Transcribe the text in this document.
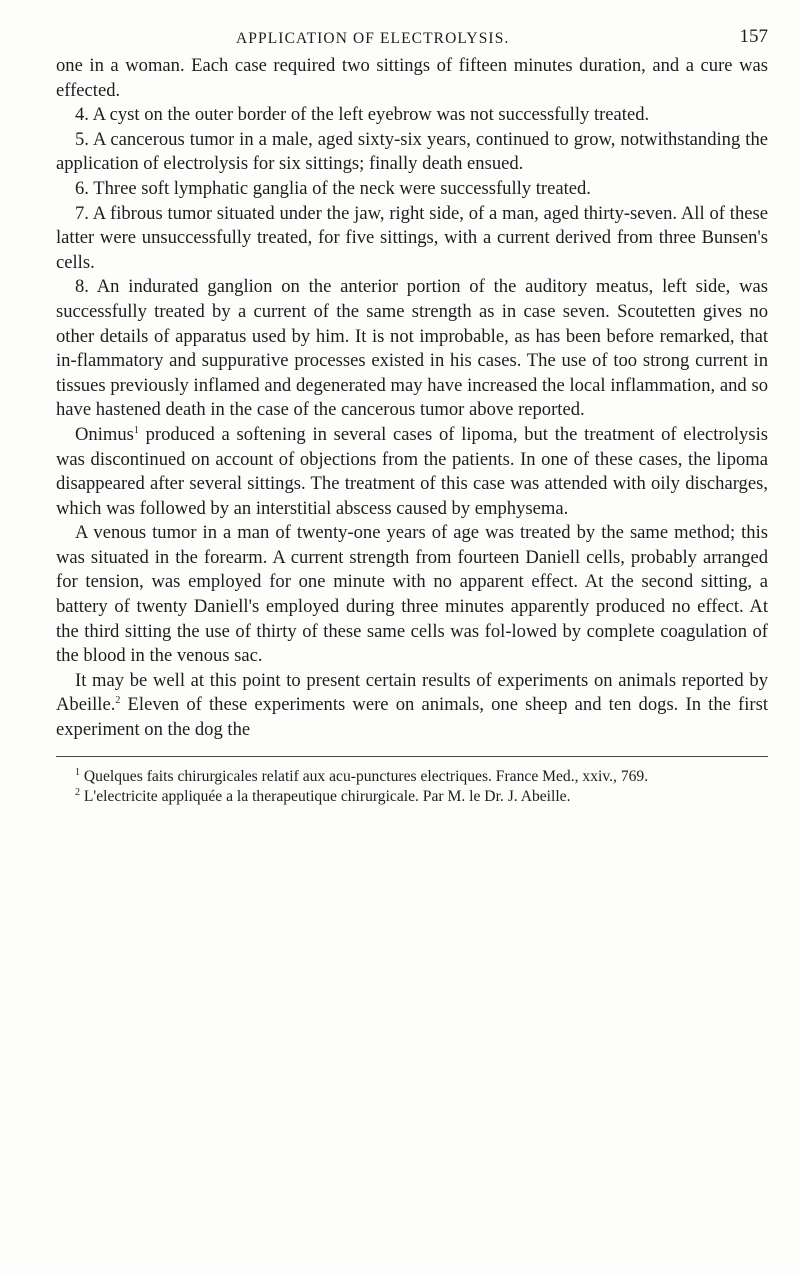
APPLICATION OF ELECTROLYSIS.	157

one in a woman. Each case required two sittings of fifteen minutes duration, and a cure was effected.

4. A cyst on the outer border of the left eyebrow was not successfully treated.

5. A cancerous tumor in a male, aged sixty-six years, continued to grow, notwithstanding the application of electrolysis for six sittings; finally death ensued.

6. Three soft lymphatic ganglia of the neck were successfully treated.

7. A fibrous tumor situated under the jaw, right side, of a man, aged thirty-seven. All of these latter were unsuccessfully treated, for five sittings, with a current derived from three Bunsen's cells.

8. An indurated ganglion on the anterior portion of the auditory meatus, left side, was successfully treated by a current of the same strength as in case seven. Scoutetten gives no other details of apparatus used by him. It is not improbable, as has been before remarked, that in-flammatory and suppurative processes existed in his cases. The use of too strong current in tissues previously inflamed and degenerated may have increased the local inflammation, and so have hastened death in the case of the cancerous tumor above reported.

Onimus$^1$ produced a softening in several cases of lipoma, but the treatment of electrolysis was discontinued on account of objections from the patients. In one of these cases, the lipoma disappeared after several sittings. The treatment of this case was attended with oily discharges, which was followed by an interstitial abscess caused by emphysema.

A venous tumor in a man of twenty-one years of age was treated by the same method; this was situated in the forearm. A current strength from fourteen Daniell cells, probably arranged for tension, was employed for one minute with no apparent effect. At the second sitting, a battery of twenty Daniell's employed during three minutes apparently produced no effect. At the third sitting the use of thirty of these same cells was fol-lowed by complete coagulation of the blood in the venous sac.

It may be well at this point to present certain results of experiments on animals reported by Abeille.$^2$ Eleven of these experiments were on animals, one sheep and ten dogs. In the first experiment on the dog the

$^1$ Quelques faits chirurgicales relatif aux acu-punctures electriques. France Med., xxiv., 769.

$^2$ L'electricite appliquée a la therapeutique chirurgicale. Par M. le Dr. J. Abeille.
